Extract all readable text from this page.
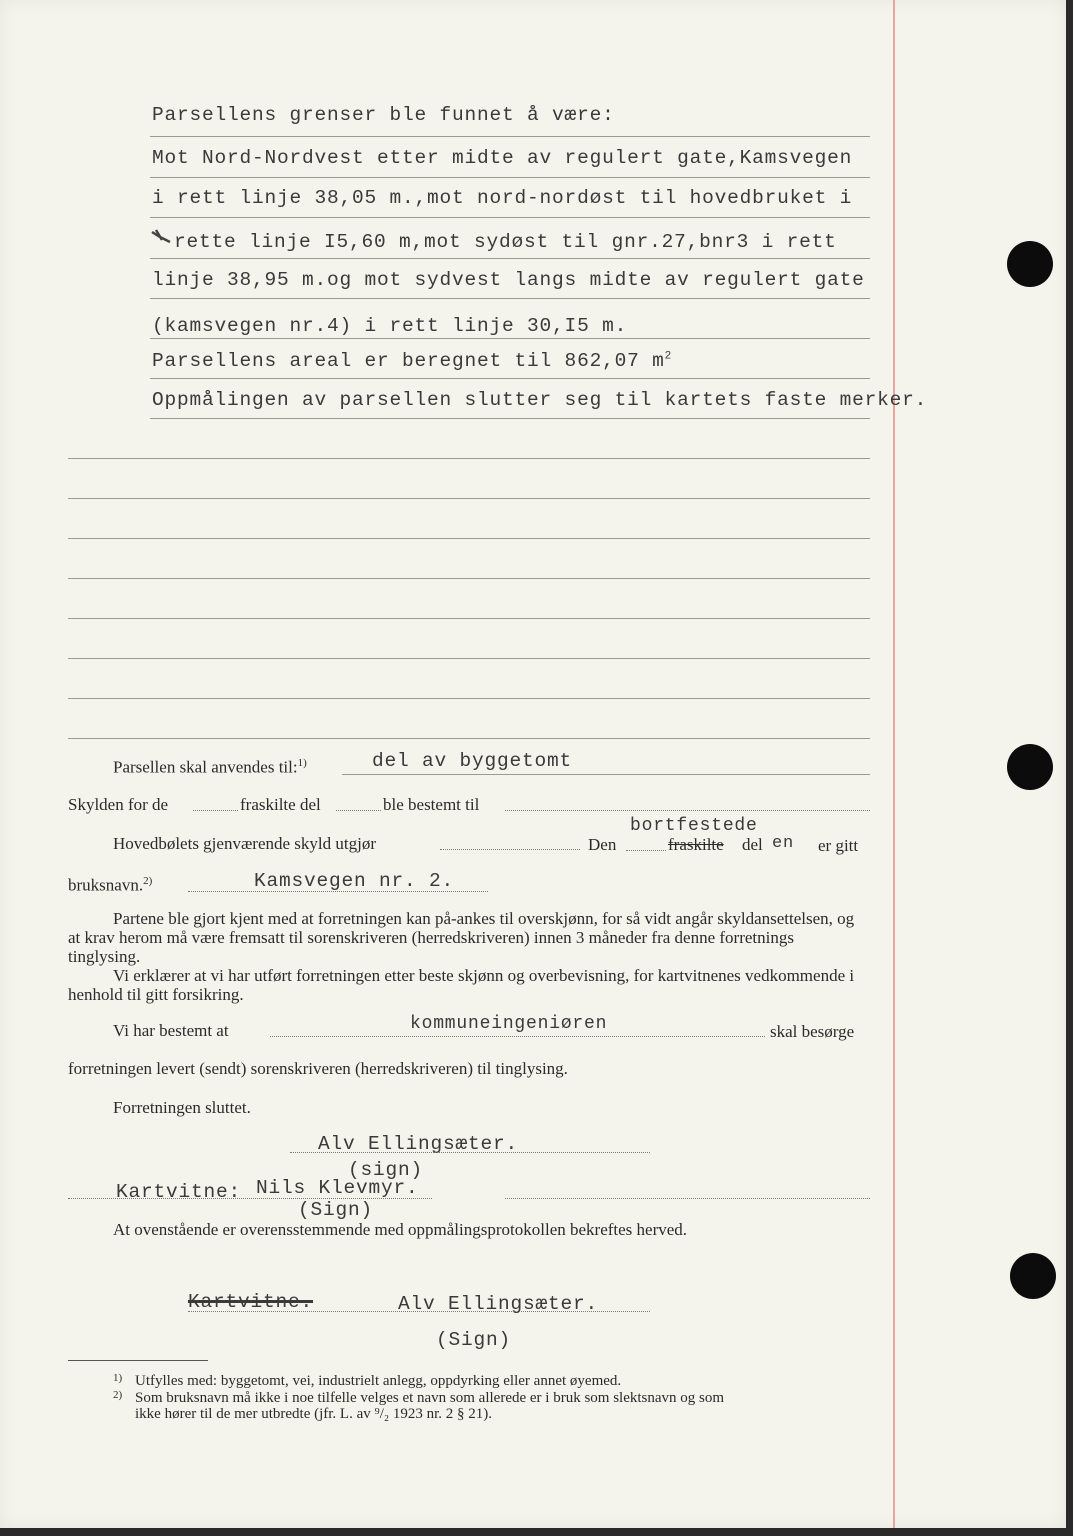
Parsellens grenser ble funnet å være:
Mot Nord-Nordvest etter midte av regulert gate,Kamsvegen
i rett linje 38,05 m.,mot nord-nordøst til hovedbruket i
rette linje I5,60 m,mot sydøst til gnr.27,bnr3 i rett
linje 38,95 m.og mot sydvest langs midte av regulert gate
(kamsvegen nr.4) i rett linje 30,I5 m.
Parsellens areal er beregnet til 862,07 $m^2$
Oppmålingen av parsellen slutter seg til kartets faste merker.
Parsellen skal anvendes til:$^{1)}$	del av byggetomt
Skylden for de	fraskilte del	ble bestemt til
Hovedbølets gjenværende skyld utgjør	Den
bortfestede
fraskilte del en er gitt
bruksnavn.$^{2)}$	Kamsvegen nr. 2.
Partene ble gjort kjent med at forretningen kan på-ankes til overskjønn, for så vidt angår skyldansettelsen, og at krav herom må være fremsatt til sorenskriveren (herredskriveren) innen 3 måneder fra denne forretnings tinglysing.
Vi erklærer at vi har utført forretningen etter beste skjønn og overbevisning, for kartvitnenes vedkommende i henhold til gitt forsikring.
Vi har bestemt at	kommuneingeniøren	skal besørge
forretningen levert (sendt) sorenskriveren (herredskriveren) til tinglysing.
Forretningen sluttet.
Alv Ellingsæter.
(sign)
Kartvitne: Nils Klevmyr.
(Sign)
At ovenstående er overensstemmende med oppmålingsprotokollen bekreftes herved.
Kartvitne.	Alv Ellingsæter.
(Sign)
1) Utfylles med: byggetomt, vei, industrielt anlegg, oppdyrking eller annet øyemed.
2) Som bruksnavn må ikke i noe tilfelle velges et navn som allerede er i bruk som slektsnavn og som
ikke hører til de mer utbredte (jfr. L. av ⁹/₂ 1923 nr. 2 § 21).
